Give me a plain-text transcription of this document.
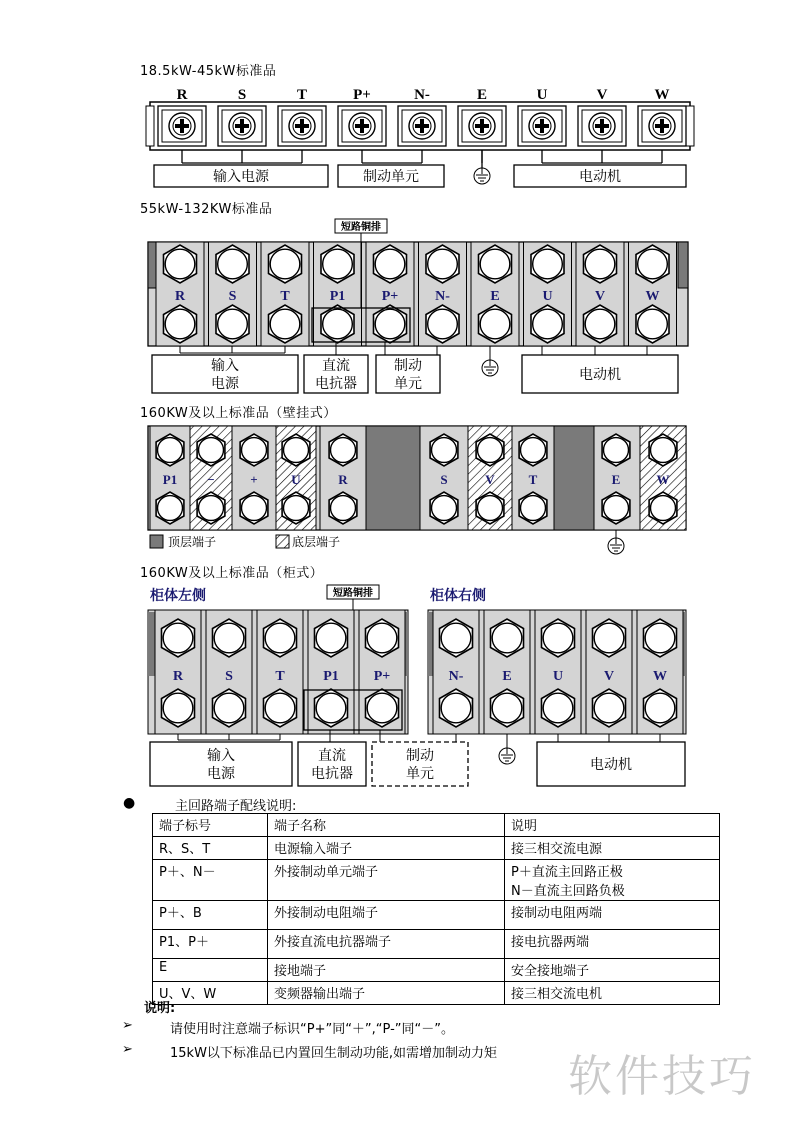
18.5kW-45kW标准品
R	S	T	P+	N-	E	U	V	W
输入电源	制动单元	电动机
R	S	T	P1	P+	N-	E	U	V	W
短路铜排
输入
电源
直流
电抗器
制动
单元
电动机
P1 −	+	U	R	S	V	T	E	W
顶层端子	底层端子
柜体左侧	柜体右侧
短路铜排
R	S	T	P1 P+	N-	E	U	V	W
输入
电源
直流
电抗器
制动
单元
电动机
55kW-132KW标准品
160KW及以上标准品（壁挂式）
160KW及以上标准品（柜式）
●	主回路端子配线说明:
端子标号	端子名称	说明
R、S、T	电源输入端子	接三相交流电源
P＋、N－	外接制动单元端子	P＋直流主回路正极
N－直流主回路负极
P＋、B	外接制动电阻端子	接制动电阻两端
P1、P＋	外接直流电抗器端子	接电抗器两端
E	接地端子	安全接地端子
U、V、W	变频器输出端子	接三相交流电机
说明:
➢	请使用时注意端子标识“P+”同“＋”,“P-”同“－”。
➢	15kW以下标准品已内置回生制动功能,如需增加制动力矩 软件技巧
